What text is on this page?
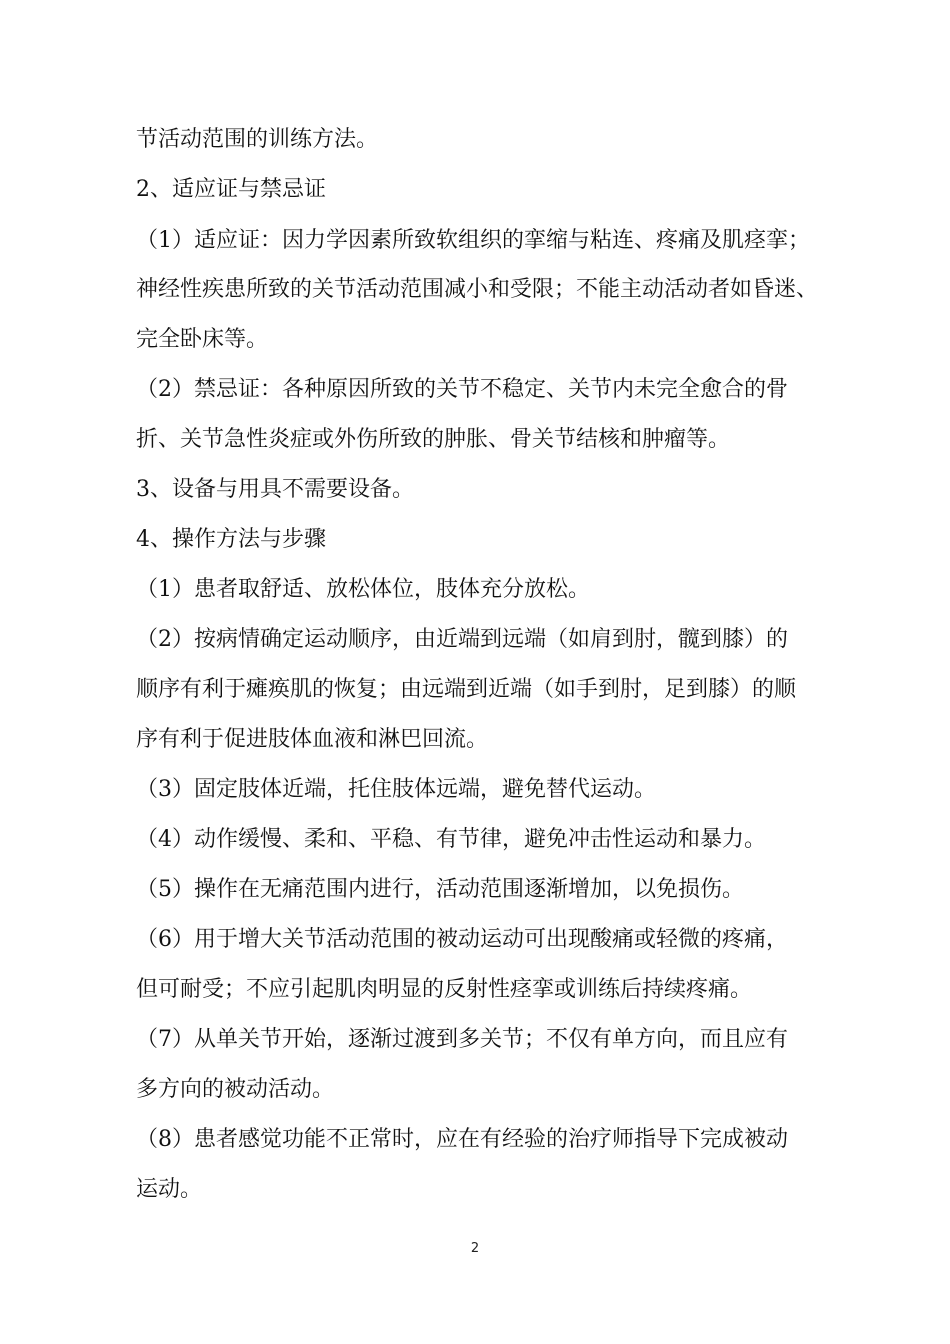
节活动范围的训练方法。
2、适应证与禁忌证
（1）适应证：因力学因素所致软组织的挛缩与粘连、疼痛及肌痉挛；
神经性疾患所致的关节活动范围减小和受限；不能主动活动者如昏迷、
完全卧床等。
（2）禁忌证：各种原因所致的关节不稳定、关节内未完全愈合的骨
折、关节急性炎症或外伤所致的肿胀、骨关节结核和肿瘤等。
3、设备与用具不需要设备。
4、操作方法与步骤
（1）患者取舒适、放松体位，肢体充分放松。
（2）按病情确定运动顺序，由近端到远端（如肩到肘，髋到膝）的
顺序有利于瘫痪肌的恢复；由远端到近端（如手到肘，足到膝）的顺
序有利于促进肢体血液和淋巴回流。
（3）固定肢体近端，托住肢体远端，避免替代运动。
（4）动作缓慢、柔和、平稳、有节律，避免冲击性运动和暴力。
（5）操作在无痛范围内进行，活动范围逐渐增加，以免损伤。
（6）用于增大关节活动范围的被动运动可出现酸痛或轻微的疼痛，
但可耐受；不应引起肌肉明显的反射性痉挛或训练后持续疼痛。
（7）从单关节开始，逐渐过渡到多关节；不仅有单方向，而且应有
多方向的被动活动。
（8）患者感觉功能不正常时，应在有经验的治疗师指导下完成被动
运动。
2
